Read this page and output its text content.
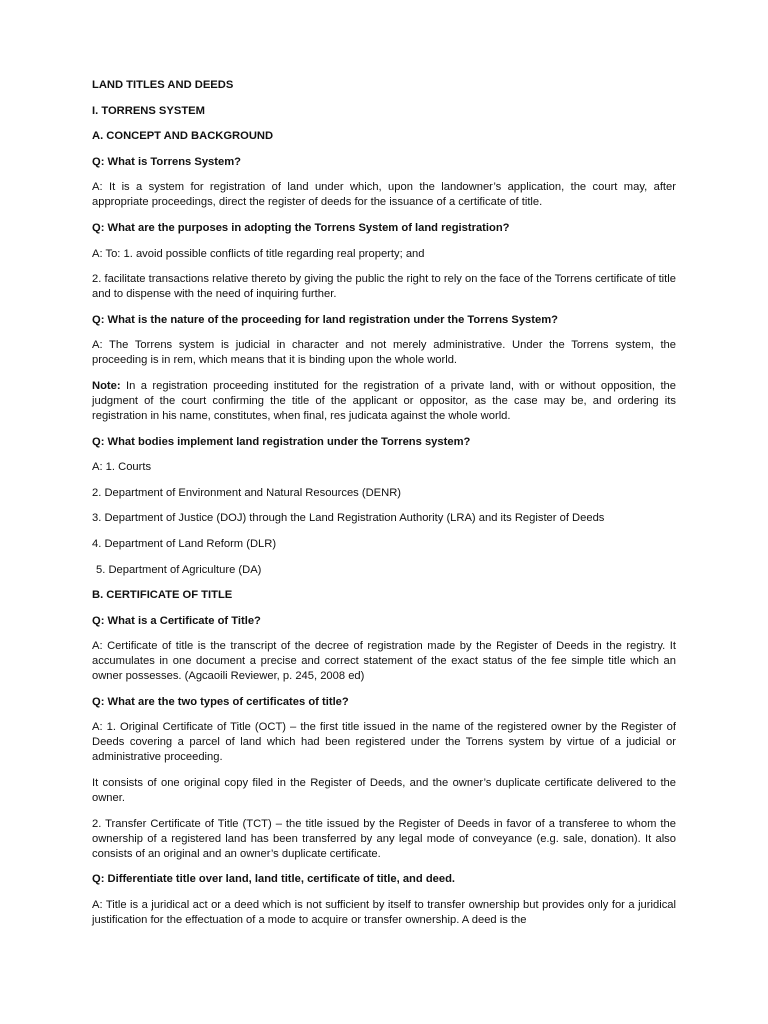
LAND TITLES AND DEEDS

I. TORRENS SYSTEM

A. CONCEPT AND BACKGROUND

Q: What is Torrens System?

A: It is a system for registration of land under which, upon the landowner’s application, the court may, after appropriate proceedings, direct the register of deeds for the issuance of a certificate of title.

Q: What are the purposes in adopting the Torrens System of land registration?

A: To: 1. avoid possible conflicts of title regarding real property; and

2. facilitate transactions relative thereto by giving the public the right to rely on the face of the Torrens certificate of title and to dispense with the need of inquiring further.

Q: What is the nature of the proceeding for land registration under the Torrens System?

A: The Torrens system is judicial in character and not merely administrative. Under the Torrens system, the proceeding is in rem, which means that it is binding upon the whole world.

Note: In a registration proceeding instituted for the registration of a private land, with or without opposition, the judgment of the court confirming the title of the applicant or oppositor, as the case may be, and ordering its registration in his name, constitutes, when final, res judicata against the whole world.

Q: What bodies implement land registration under the Torrens system?

A: 1. Courts

2. Department of Environment and Natural Resources (DENR)

3. Department of Justice (DOJ) through the Land Registration Authority (LRA) and its Register of Deeds

4. Department of Land Reform (DLR)

5. Department of Agriculture (DA)

B. CERTIFICATE OF TITLE

Q: What is a Certificate of Title?

A: Certificate of title is the transcript of the decree of registration made by the Register of Deeds in the registry. It accumulates in one document a precise and correct statement of the exact status of the fee simple title which an owner possesses. (Agcaoili Reviewer, p. 245, 2008 ed)

Q: What are the two types of certificates of title?

A: 1. Original Certificate of Title (OCT) – the first title issued in the name of the registered owner by the Register of Deeds covering a parcel of land which had been registered under the Torrens system by virtue of a judicial or administrative proceeding.

It consists of one original copy filed in the Register of Deeds, and the owner’s duplicate certificate delivered to the owner.

2. Transfer Certificate of Title (TCT) – the title issued by the Register of Deeds in favor of a transferee to whom the ownership of a registered land has been transferred by any legal mode of conveyance (e.g. sale, donation). It also consists of an original and an owner’s duplicate certificate.

Q: Differentiate title over land, land title, certificate of title, and deed.

A: Title is a juridical act or a deed which is not sufficient by itself to transfer ownership but provides only for a juridical justification for the effectuation of a mode to acquire or transfer ownership. A deed is the
